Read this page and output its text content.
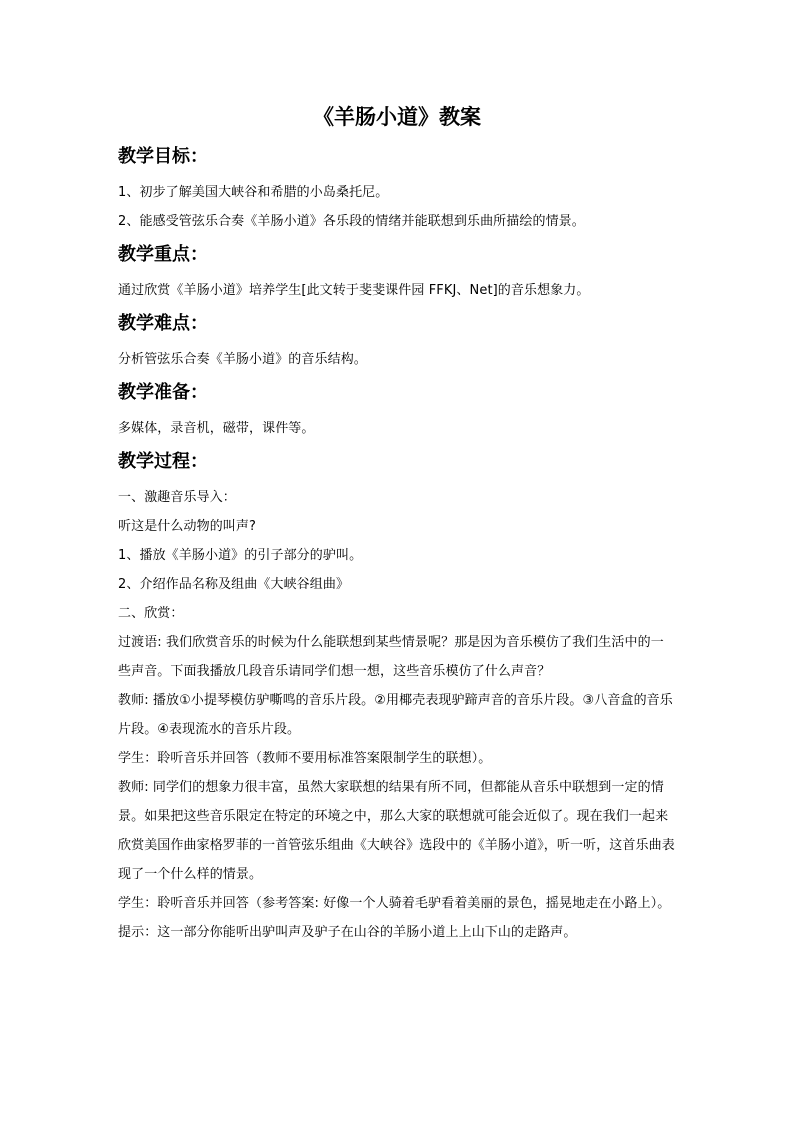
《羊肠小道》教案
教学目标：

1、初步了解美国大峡谷和希腊的小岛桑托尼。

2、能感受管弦乐合奏《羊肠小道》各乐段的情绪并能联想到乐曲所描绘的情景。

教学重点：

通过欣赏《羊肠小道》培养学生[此文转于斐斐课件园 FFKJ、Net]的音乐想象力。

教学难点：

分析管弦乐合奏《羊肠小道》的音乐结构。

教学准备：

多媒体，录音机，磁带，课件等。

教学过程：

一、激趣音乐导入：

听这是什么动物的叫声?

1、播放《羊肠小道》的引子部分的驴叫。

2、介绍作品名称及组曲《大峡谷组曲》

二、欣赏：

过渡语: 我们欣赏音乐的时候为什么能联想到某些情景呢？那是因为音乐模仿了我们生活中的一些声音。下面我播放几段音乐请同学们想一想，这些音乐模仿了什么声音？

教师: 播放①小提琴模仿驴嘶鸣的音乐片段。②用椰壳表现驴蹄声音的音乐片段。③八音盒的音乐片段。④表现流水的音乐片段。

学生：聆听音乐并回答（教师不要用标准答案限制学生的联想）。

教师: 同学们的想象力很丰富，虽然大家联想的结果有所不同，但都能从音乐中联想到一定的情景。如果把这些音乐限定在特定的环境之中，那么大家的联想就可能会近似了。现在我们一起来欣赏美国作曲家格罗菲的一首管弦乐组曲《大峡谷》选段中的《羊肠小道》，听一听，这首乐曲表现了一个什么样的情景。

学生：聆听音乐并回答（参考答案: 好像一个人骑着毛驴看着美丽的景色，摇晃地走在小路上）。

提示：这一部分你能听出驴叫声及驴子在山谷的羊肠小道上上山下山的走路声。
